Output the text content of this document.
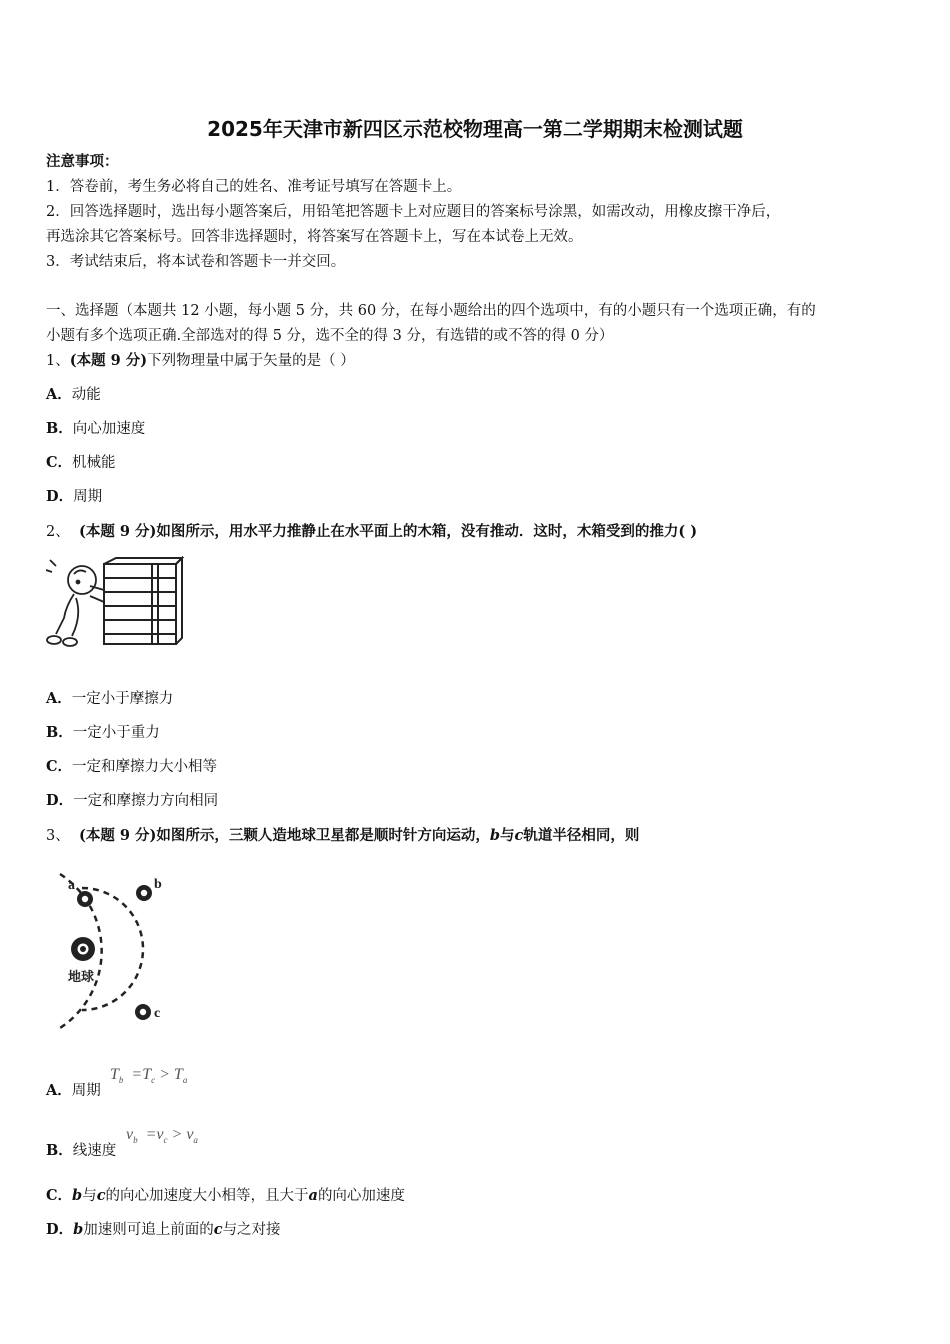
2025年天津市新四区示范校物理高一第二学期期末检测试题
注意事项：
1．答卷前，考生务必将自己的姓名、准考证号填写在答题卡上。
2．回答选择题时，选出每小题答案后，用铅笔把答题卡上对应题目的答案标号涂黑，如需改动，用橡皮擦干净后，
再选涂其它答案标号。回答非选择题时，将答案写在答题卡上，写在本试卷上无效。
3．考试结束后，将本试卷和答题卡一并交回。
一、选择题（本题共 12 小题，每小题 5 分，共 60 分，在每小题给出的四个选项中，有的小题只有一个选项正确，有的
小题有多个选项正确.全部选对的得 5 分，选不全的得 3 分，有选错的或不答的得 0 分）
1、(本题 9 分)下列物理量中属于矢量的是（ ）
A．动能
B．向心加速度
C．机械能
D．周期
2、 (本题 9 分)如图所示，用水平力推静止在水平面上的木箱，没有推动．这时，木箱受到的推力( )
A．一定小于摩擦力
B．一定小于重力
C．一定和摩擦力大小相等
D．一定和摩擦力方向相同
3、 (本题 9 分)如图所示，三颗人造地球卫星都是顺时针方向运动，b与c轨道半径相同，则
地球
a	b
c
A．周期
$T_b =T_c > T_a$
B．线速度
$v_b =v_c > v_a$
C．b与c的向心加速度大小相等，且大于a的向心加速度
D．b加速则可追上前面的c与之对接
